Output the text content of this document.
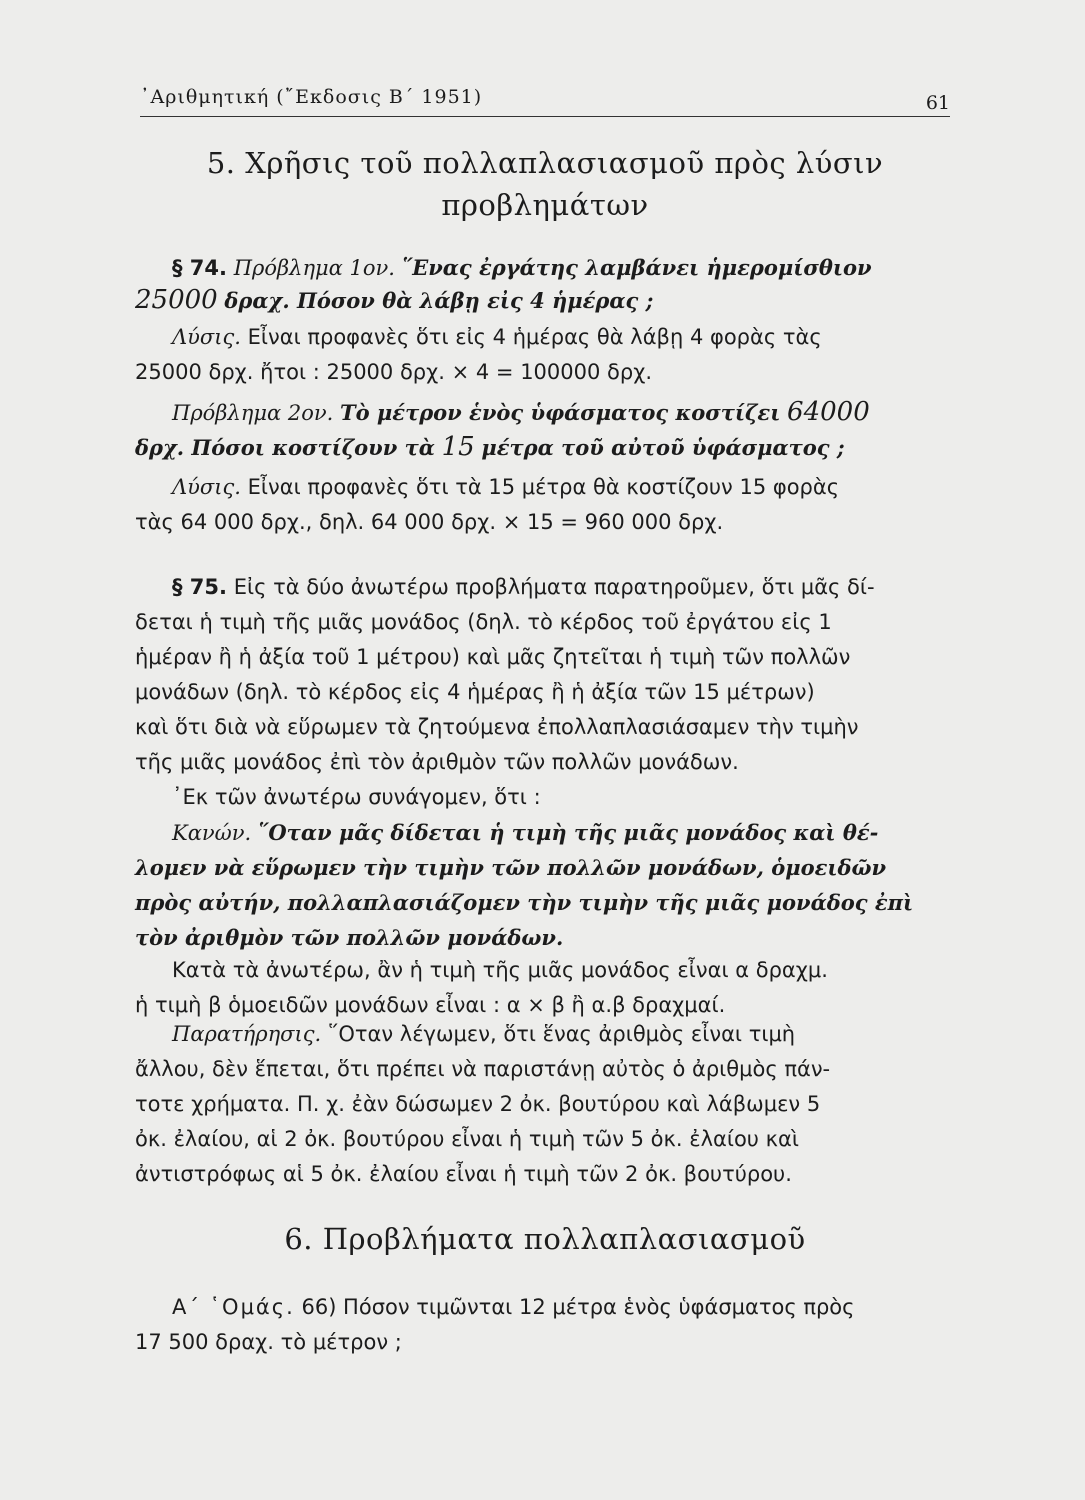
᾿Αριθμητική (῎Εκδοσις Β΄ 1951)	61
5. Χρῆσις τοῦ πολλαπλασιασμοῦ πρὸς λύσιν
προβλημάτων
§ 74. Πρόβλημα 1ον. ῞Ενας ἐργάτης λαμβάνει ἡμερομίσθιον
25000 δραχ. Πόσον θὰ λάβῃ εἰς 4 ἡμέρας ;
Λύσις. Εἶναι προφανὲς ὅτι εἰς 4 ἡμέρας θὰ λάβῃ 4 φορὰς τὰς
25000 δρχ. ἤτοι : 25000 δρχ. × 4 = 100000 δρχ.
Πρόβλημα 2ον. Τὸ μέτρον ἑνὸς ὑφάσματος κοστίζει 64000
δρχ. Πόσοι κοστίζουν τὰ 15 μέτρα τοῦ αὐτοῦ ὑφάσματος ;
Λύσις. Εἶναι προφανὲς ὅτι τὰ 15 μέτρα θὰ κοστίζουν 15 φορὰς
τὰς 64 000 δρχ., δηλ. 64 000 δρχ. × 15 = 960 000 δρχ.
§ 75. Εἰς τὰ δύο ἀνωτέρω προβλήματα παρατηροῦμεν, ὅτι μᾶς δί-
δεται ἡ τιμὴ τῆς μιᾶς μονάδος (δηλ. τὸ κέρδος τοῦ ἐργάτου εἰς 1
ἡμέραν ἢ ἡ ἀξία τοῦ 1 μέτρου) καὶ μᾶς ζητεῖται ἡ τιμὴ τῶν πολλῶν
μονάδων (δηλ. τὸ κέρδος εἰς 4 ἡμέρας ἢ ἡ ἀξία τῶν 15 μέτρων)
καὶ ὅτι διὰ νὰ εὕρωμεν τὰ ζητούμενα ἐπολλαπλασιάσαμεν τὴν τιμὴν
τῆς μιᾶς μονάδος ἐπὶ τὸν ἀριθμὸν τῶν πολλῶν μονάδων.
᾿Εκ τῶν ἀνωτέρω συνάγομεν, ὅτι :
Κανών. ῞Οταν μᾶς δίδεται ἡ τιμὴ τῆς μιᾶς μονάδος καὶ θέ-
λομεν νὰ εὕρωμεν τὴν τιμὴν τῶν πολλῶν μονάδων, ὁμοειδῶν
πρὸς αὐτήν, πολλαπλασιάζομεν τὴν τιμὴν τῆς μιᾶς μονάδος ἐπὶ
τὸν ἀριθμὸν τῶν πολλῶν μονάδων.
Κατὰ τὰ ἀνωτέρω, ἂν ἡ τιμὴ τῆς μιᾶς μονάδος εἶναι α δραχμ.
ἡ τιμὴ β ὁμοειδῶν μονάδων εἶναι : α × β ἢ α.β δραχμαί.
Παρατήρησις. ῞Οταν λέγωμεν, ὅτι ἕνας ἀριθμὸς εἶναι τιμὴ
ἄλλου, δὲν ἕπεται, ὅτι πρέπει νὰ παριστάνῃ αὐτὸς ὁ ἀριθμὸς πάν-
τοτε χρήματα. Π. χ. ἐὰν δώσωμεν 2 ὀκ. βουτύρου καὶ λάβωμεν 5
ὀκ. ἐλαίου, αἱ 2 ὀκ. βουτύρου εἶναι ἡ τιμὴ τῶν 5 ὀκ. ἐλαίου καὶ
ἀντιστρόφως αἱ 5 ὀκ. ἐλαίου εἶναι ἡ τιμὴ τῶν 2 ὀκ. βουτύρου.
6. Προβλήματα πολλαπλασιασμοῦ
Α΄ ῾Ομάς. 66) Πόσον τιμῶνται 12 μέτρα ἑνὸς ὑφάσματος πρὸς
17 500 δραχ. τὸ μέτρον ;
